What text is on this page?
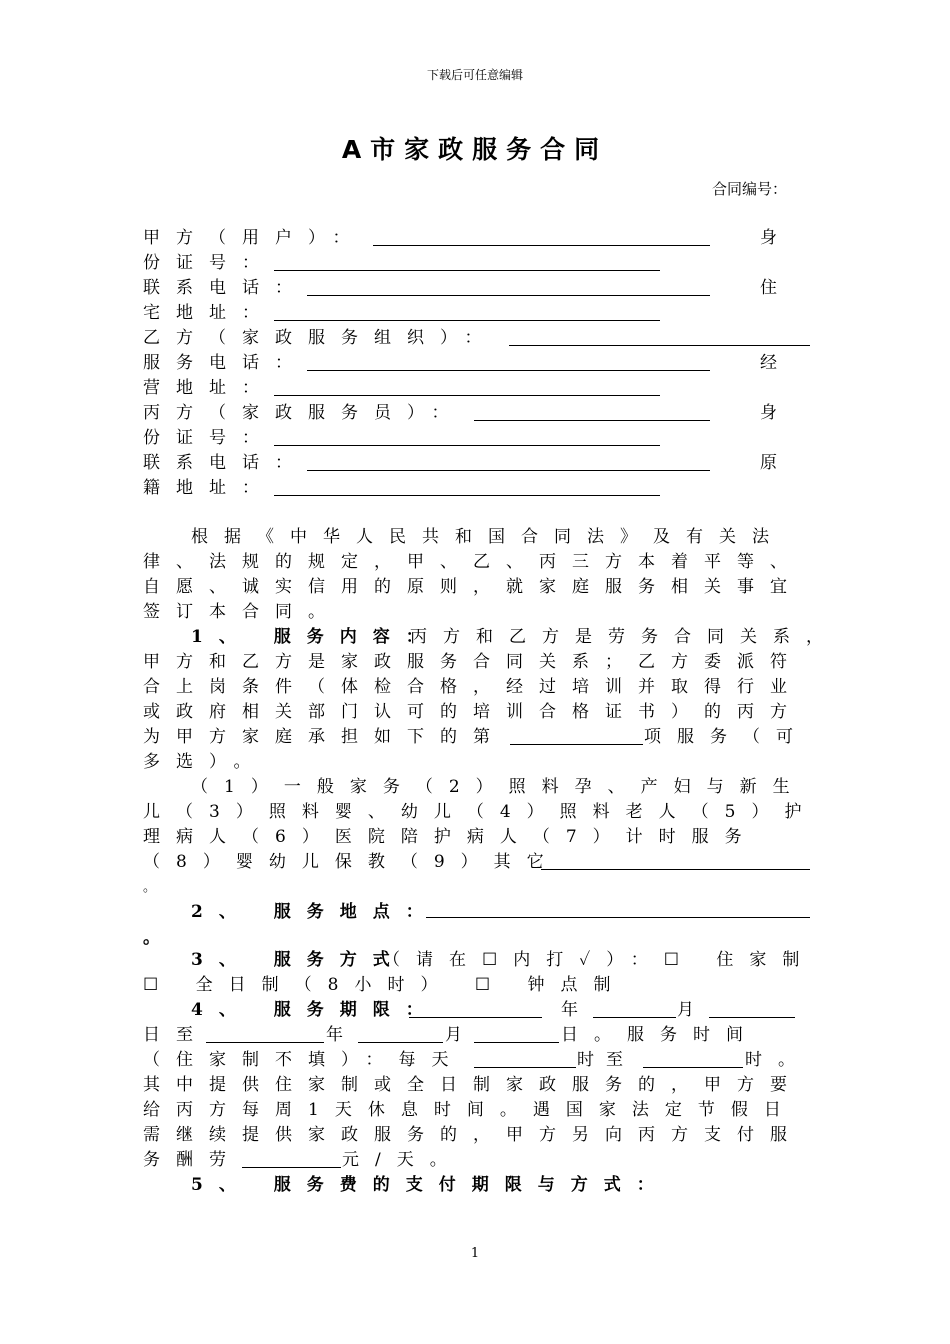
下载后可任意编辑
A市家政服务合同
合同编号：
甲方（用户）：	身
份证号：
联系电话：	住
宅地址：
乙方（家政服务组织）：
服务电话：	经
营地址：
丙方（家政服务员）：	身
份证号：
联系电话：	原
籍地址：
根据《中华人民共和国合同法》及有关法
律、法规的规定，甲、乙、丙三方本着平等、
自愿、诚实信用的原则，就家庭服务相关事宜
签订本合同。
1、 服务内容：
丙方和乙方是劳务合同关系，
甲方和乙方是家政服务合同关系；乙方委派符
合上岗条件（体检合格，经过培训并取得行业
或政府相关部门认可的培训合格证书）的丙方
为甲方家庭承担如下的第	项服务（可
多选）。
（1）一般家务（2）照料孕、产妇与新生
儿（3）照料婴、幼儿（4）照料老人（5）护
理病人（6）医院陪护病人（7）计时服务
（8）婴幼儿保教（9）其它
。
2、 服务地点：
。
3、 服务方式
（请在☐内打✓）：☐ 住家制
☐ 全日制（8小时） ☐ 钟点制
4、 服务期限：	年	月
日至	年	月	日。服务时间
（住家制不填）：每天	时至	时。
其中提供住家制或全日制家政服务的，甲方要
给丙方每周1天休息时间。遇国家法定节假日
需继续提供家政服务的，甲方另向丙方支付服
务酬劳	元/天。
5、 服务费的支付期限与方式：
1
